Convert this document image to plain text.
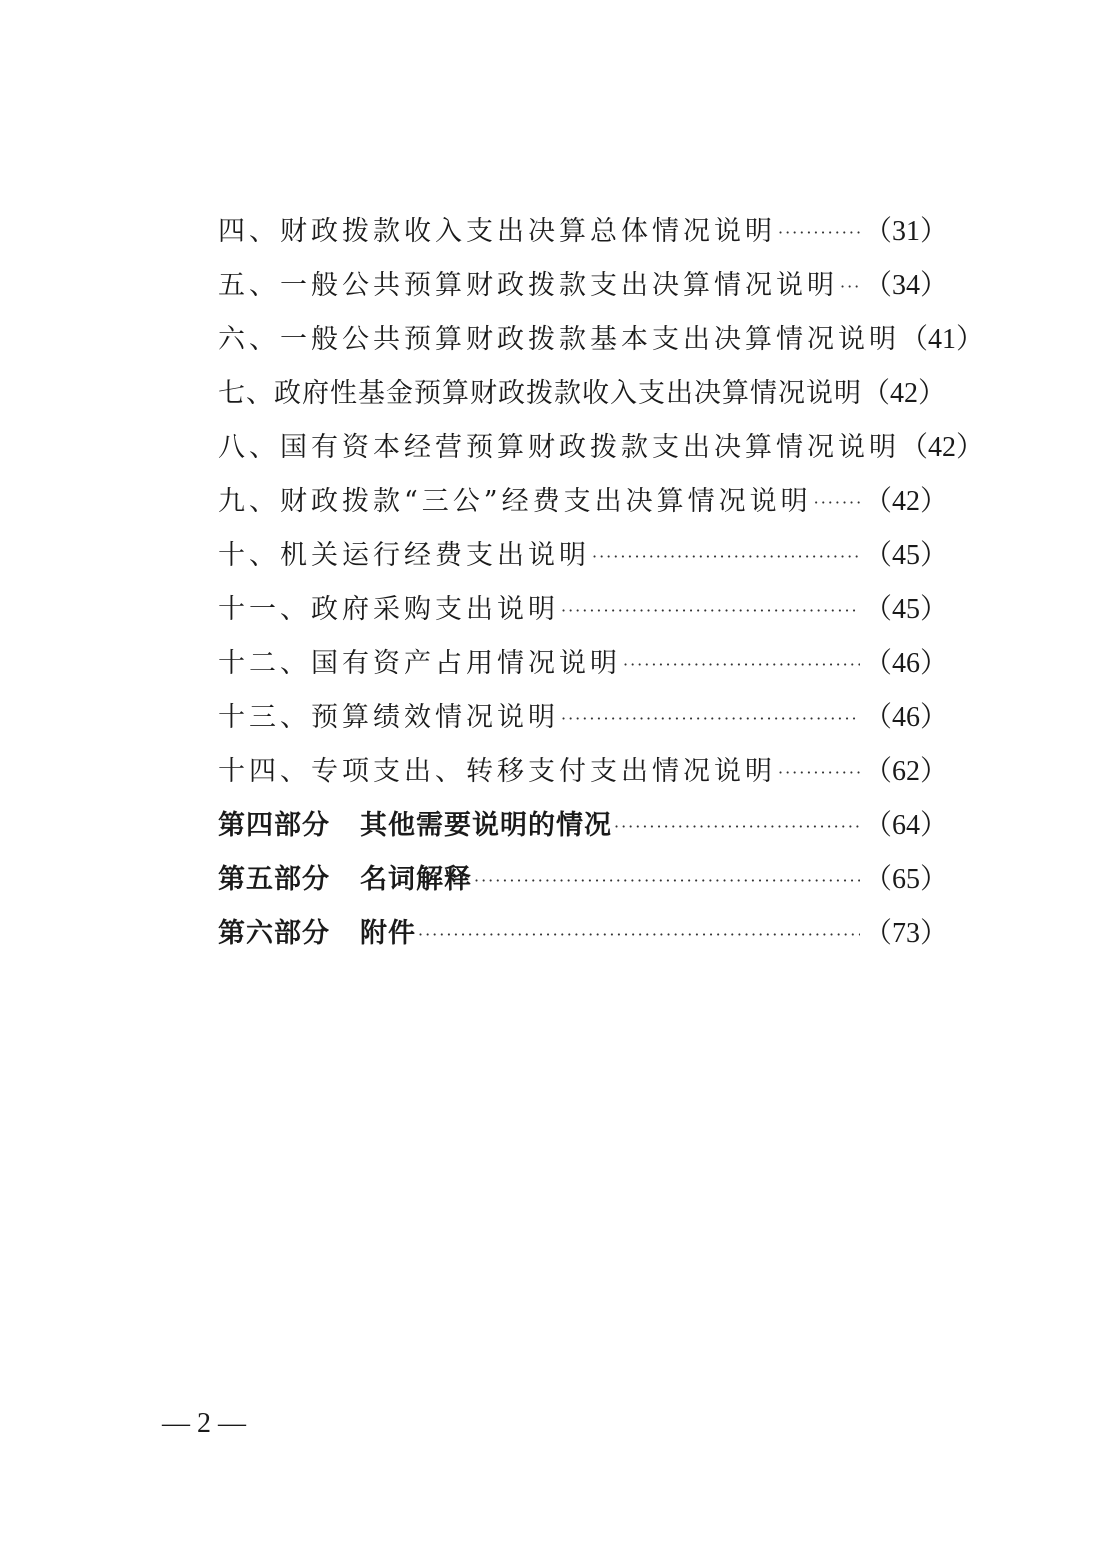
四、财政拨款收入支出决算总体情况说明 ·····	（31）
五、一般公共预算财政拨款支出决算情况说明 ····· （34）
六、一般公共预算财政拨款基本支出决算情况说明 （41）
七、政府性基金预算财政拨款收入支出决算情况说明 （42）
八、国有资本经营预算财政拨款支出决算情况说明 （42）
九、财政拨款“三公”经费支出决算情况说明 ····· （42）
十、机关运行经费支出说明 ·····	（45）
十一、政府采购支出说明 ·····	（45）
十二、国有资产占用情况说明 ·····	（46）
十三、预算绩效情况说明 ·····	（46）
十四、专项支出、转移支付支出情况说明 ·····	（62）
第四部分 其他需要说明的情况 ·····	（64）
第五部分 名词解释 ·····	（65）
第六部分 附件 ·····	（73）
— 2 —
